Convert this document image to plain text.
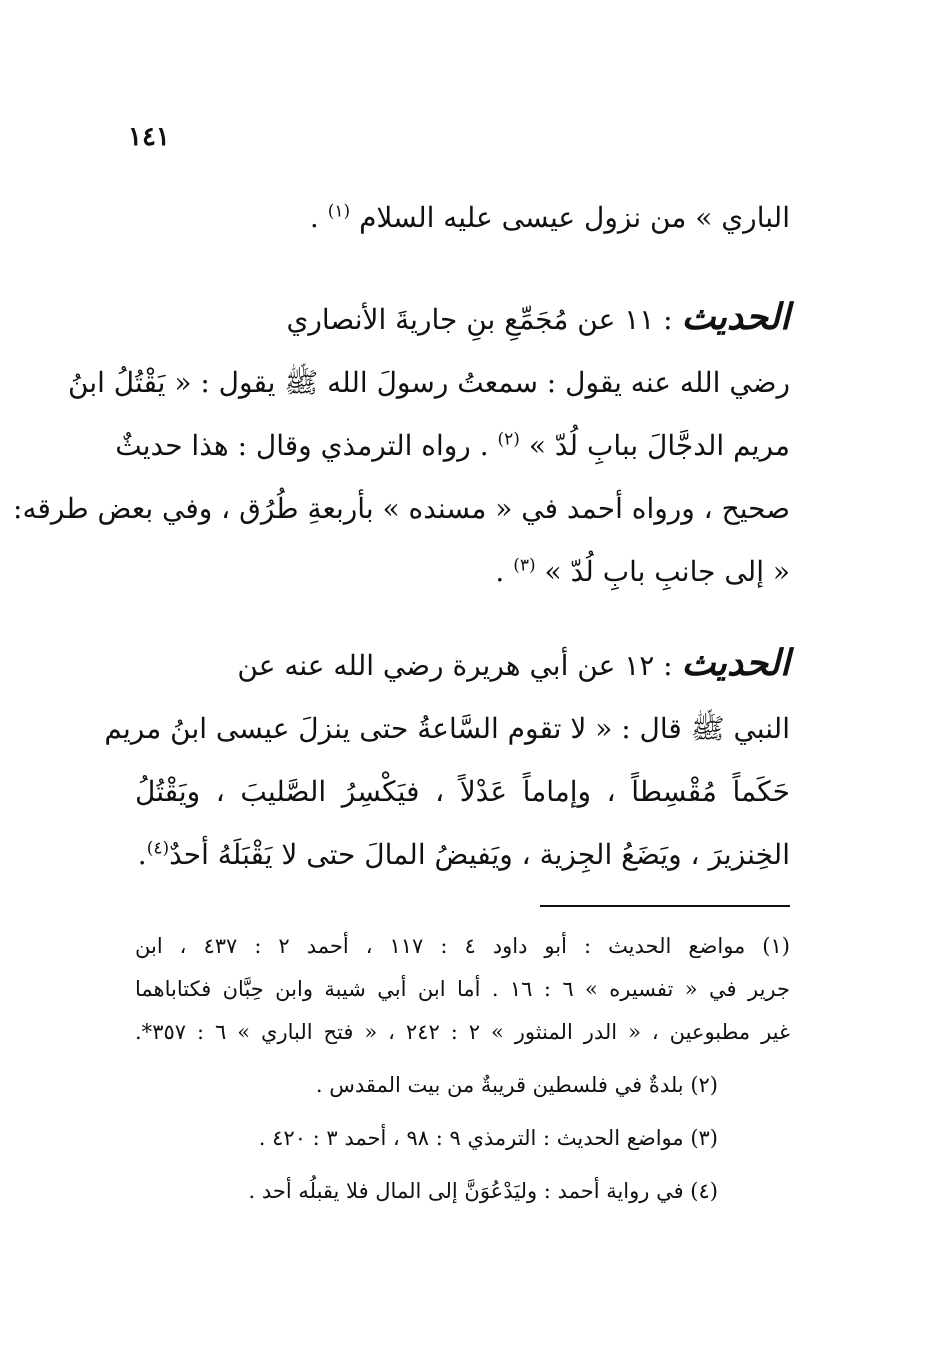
١٤١
الباري » من نزول عيسى عليه السلام $^{(١)}$ .
الحديث : ١١ عن مُجَمِّعِ بنِ جاريةَ الأنصاري
رضي الله عنه يقول : سمعتُ رسولَ الله ﷺ يقول : « يَقْتُلُ ابنُ
مريم الدجَّالَ ببابِ لُدّ » $^{(٢)}$ . رواه الترمذي وقال : هذا حديثٌ
صحيح ، ورواه أحمد في « مسنده » بأربعةِ طُرُق ، وفي بعض طرقه:
« إلى جانبِ بابِ لُدّ » $^{(٣)}$ .
الحديث : ١٢ عن أبي هريرة رضي الله عنه عن
النبي ﷺ قال : « لا تقوم السَّاعةُ حتى ينزلَ عيسى ابنُ مريم
حَكَماً مُقْسِطاً ، وإماماً عَدْلاً ، فيَكْسِرُ الصَّليبَ ، ويَقْتُلُ
الخِنزيرَ ، ويَضَعُ الجِزية ، ويَفيضُ المالَ حتى لا يَقْبَلَهُ أحدٌ$^{(٤)}$.
(١) مواضع الحديث : أبو داود ٤ : ١١٧ ، أحمد ٢ : ٤٣٧ ، ابن
جرير في « تفسيره » ٦ : ١٦ . أما ابن أبي شيبة وابن حِبَّان فكتاباهما
غير مطبوعين ، « الدر المنثور » ٢ : ٢٤٢ ، « فتح الباري » ٦ : ٣٥٧*.
(٢) بلدةٌ في فلسطين قريبةٌ من بيت المقدس .
(٣) مواضع الحديث : الترمذي ٩ : ٩٨ ، أحمد ٣ : ٤٢٠ .
(٤) في رواية أحمد : وليَدْعُوَنَّ إلى المال فلا يقبلُه أحد .
